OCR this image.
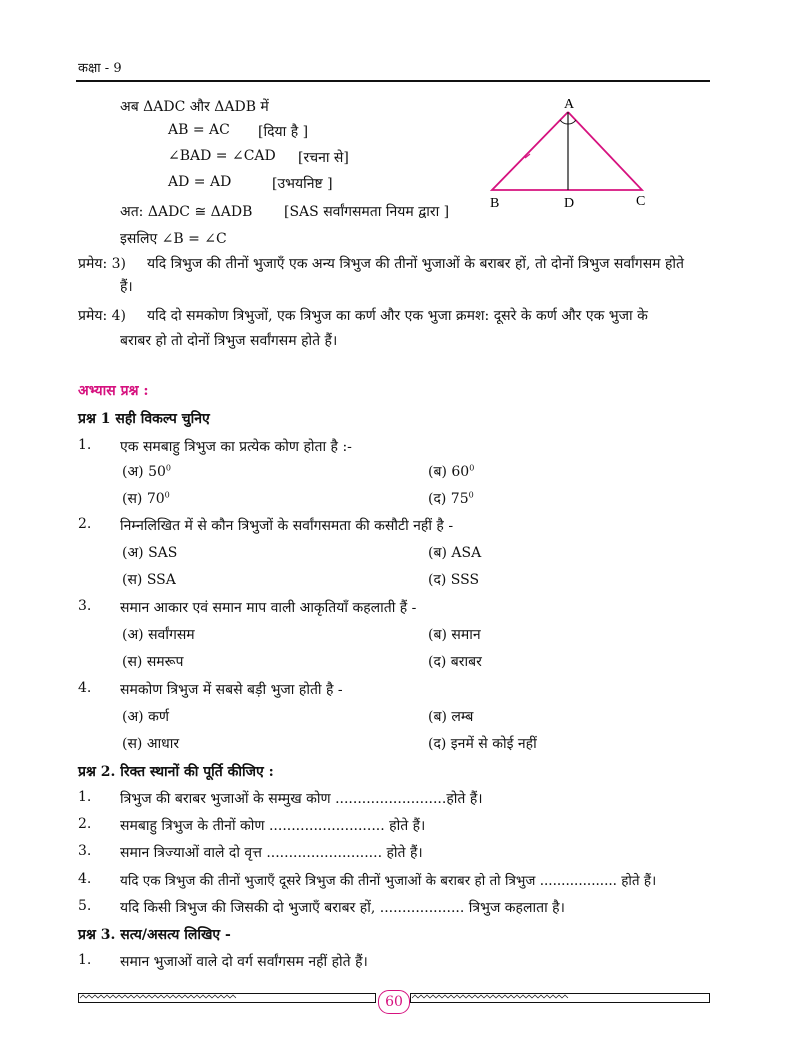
कक्षा - 9
अब ΔADC और ΔADB में
AB = AC [दिया है ]
∠BAD = ∠CAD [रचना से]
AD = AD	[उभयनिष्ट ]
अत: ΔADC ≅ ΔADB [SAS सर्वांगसमता नियम द्वारा ]
इसलिए ∠B = ∠C
A
B	D	C
प्रमेय: 3) यदि त्रिभुज की तीनों भुजाएँ एक अन्य त्रिभुज की तीनों भुजाओं के बराबर हों, तो दोनों त्रिभुज सर्वांगसम होते
हैं।
प्रमेय: 4) यदि दो समकोण त्रिभुजों, एक त्रिभुज का कर्ण और एक भुजा क्रमश: दूसरे के कर्ण और एक भुजा के
बराबर हो तो दोनों त्रिभुज सर्वांगसम होते हैं।
अभ्यास प्रश्न :
प्रश्न 1 सही विकल्प चुनिए
1. एक समबाहु त्रिभुज का प्रत्येक कोण होता है :-
(अ) $50^0$	(ब) $60^0$
(स) $70^0$	(द) $75^0$
2. निम्नलिखित में से कौन त्रिभुजों के सर्वांगसमता की कसौटी नहीं है -
(अ) SAS	(ब) ASA
(स) SSA	(द) SSS
3. समान आकार एवं समान माप वाली आकृतियाँ कहलाती हैं -
(अ) सर्वांगसम	(ब) समान
(स) समरूप	(द) बराबर
4. समकोण त्रिभुज में सबसे बड़ी भुजा होती है -
(अ) कर्ण	(ब) लम्ब
(स) आधार	(द) इनमें से कोई नहीं
प्रश्न 2. रिक्त स्थानों की पूर्ति कीजिए :
1. त्रिभुज की बराबर भुजाओं के सम्मुख कोण .........................होते हैं।
2. समबाहु त्रिभुज के तीनों कोण .......................... होते हैं।
3. समान त्रिज्याओं वाले दो वृत्त .......................... होते हैं।
4. यदि एक त्रिभुज की तीनों भुजाएँ दूसरे त्रिभुज की तीनों भुजाओं के बराबर हो तो त्रिभुज .................. होते हैं।
5. यदि किसी त्रिभुज की जिसकी दो भुजाएँ बराबर हों, ................... त्रिभुज कहलाता है।
प्रश्न 3. सत्य/असत्य लिखिए -
1. समान भुजाओं वाले दो वर्ग सर्वांगसम नहीं होते हैं।
60
